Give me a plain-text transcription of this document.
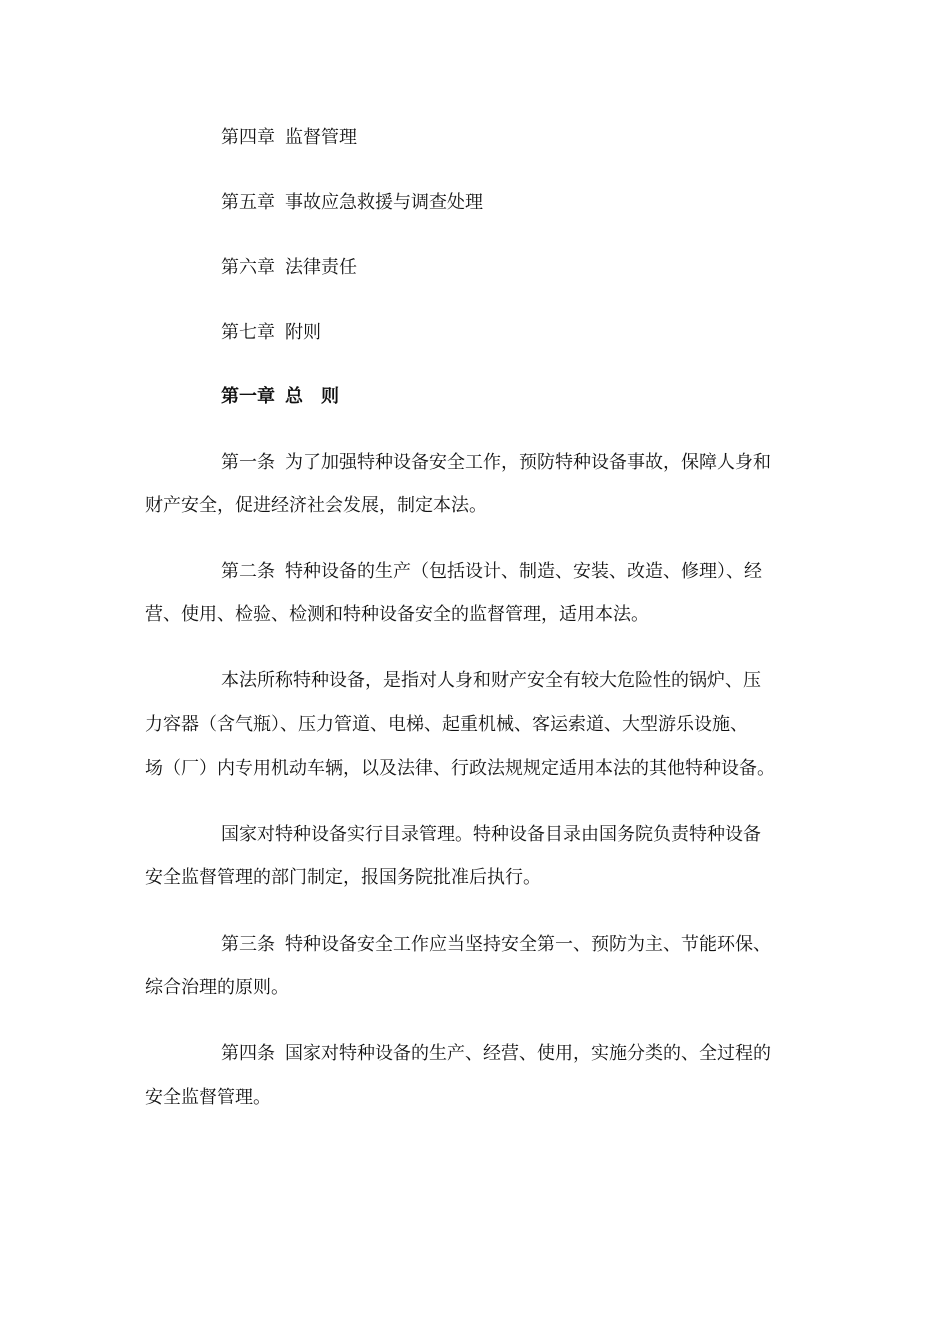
第四章 监督管理
第五章 事故应急救援与调查处理
第六章 法律责任
第七章 附则
第一章 总　则
第一条 为了加强特种设备安全工作，预防特种设备事故，保障人身和
财产安全，促进经济社会发展，制定本法。
第二条 特种设备的生产（包括设计、制造、安装、改造、修理）、经
营、使用、检验、检测和特种设备安全的监督管理，适用本法。
本法所称特种设备，是指对人身和财产安全有较大危险性的锅炉、压
力容器（含气瓶）、压力管道、电梯、起重机械、客运索道、大型游乐设施、
场（厂）内专用机动车辆，以及法律、行政法规规定适用本法的其他特种设备。
国家对特种设备实行目录管理。特种设备目录由国务院负责特种设备
安全监督管理的部门制定，报国务院批准后执行。
第三条 特种设备安全工作应当坚持安全第一、预防为主、节能环保、
综合治理的原则。
第四条 国家对特种设备的生产、经营、使用，实施分类的、全过程的
安全监督管理。
